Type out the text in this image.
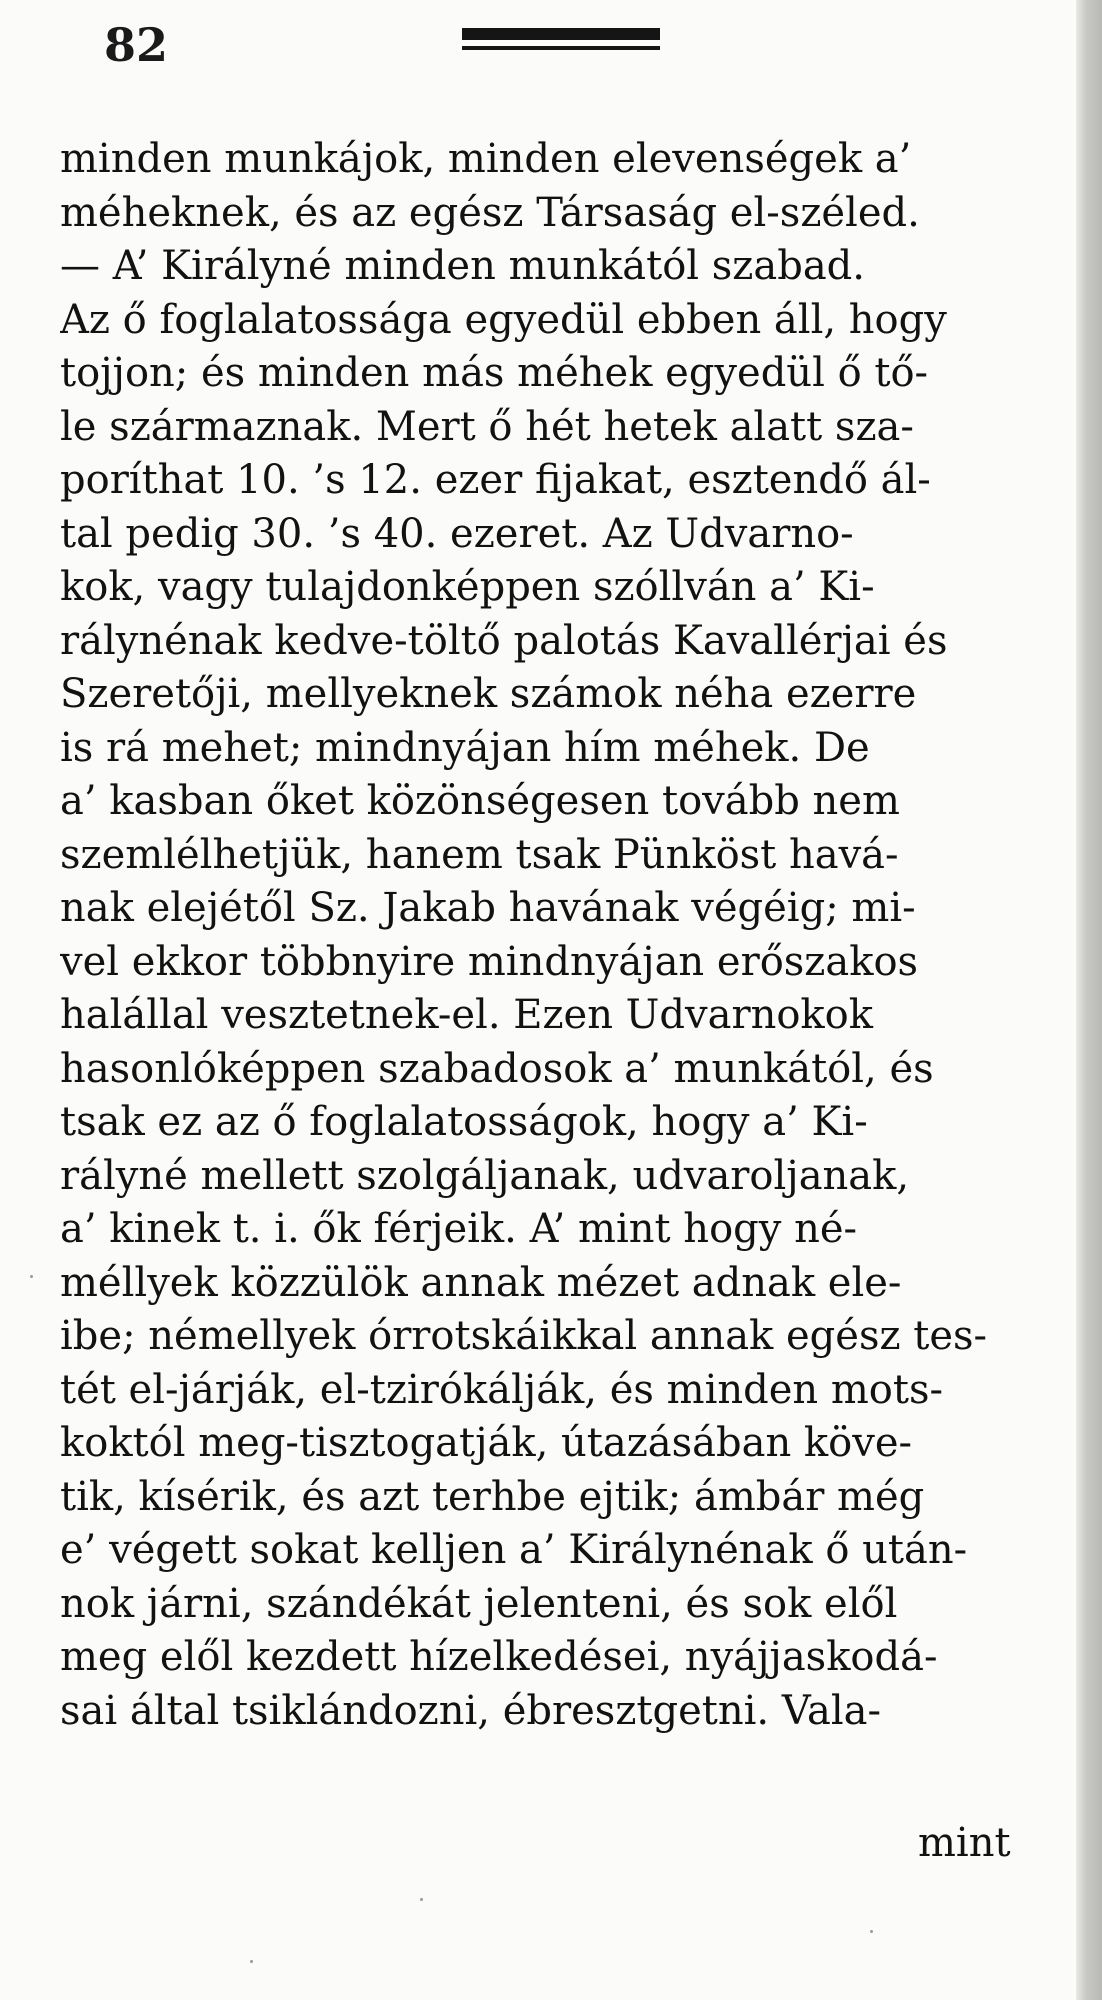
82
minden munkájok, minden elevenségek a’
méheknek, és az egész Társaság el-széled.
— A’ Királyné minden munkától szabad.
Az ő foglalatossága egyedül ebben áll, hogy
tojjon; és minden más méhek egyedül ő tő-
le származnak. Mert ő hét hetek alatt sza-
poríthat 10. ’s 12. ezer fijakat, esztendő ál-
tal pedig 30. ’s 40. ezeret. Az Udvarno-
kok, vagy tulajdonképpen szóllván a’ Ki-
rálynénak kedve-töltő palotás Kavallérjai és
Szeretőji, mellyeknek számok néha ezerre
is rá mehet; mindnyájan hím méhek. De
a’ kasban őket közönségesen tovább nem
szemlélhetjük, hanem tsak Pünköst havá-
nak elejétől Sz. Jakab havának végéig; mi-
vel ekkor többnyire mindnyájan erőszakos
halállal vesztetnek-el. Ezen Udvarnokok
hasonlóképpen szabadosok a’ munkától, és
tsak ez az ő foglalatosságok, hogy a’ Ki-
rályné mellett szolgáljanak, udvaroljanak,
a’ kinek t. i. ők férjeik. A’ mint hogy né-
méllyek közzülök annak mézet adnak ele-
ibe; némellyek órrotskáikkal annak egész tes-
tét el-járják, el-tzirókálják, és minden mots-
koktól meg-tisztogatják, útazásában köve-
tik, kísérik, és azt terhbe ejtik; ámbár még
e’ végett sokat kelljen a’ Királynénak ő után-
nok járni, szándékát jelenteni, és sok elől
meg elől kezdett hízelkedései, nyájjaskodá-
sai által tsiklándozni, ébresztgetni. Vala-
mint
